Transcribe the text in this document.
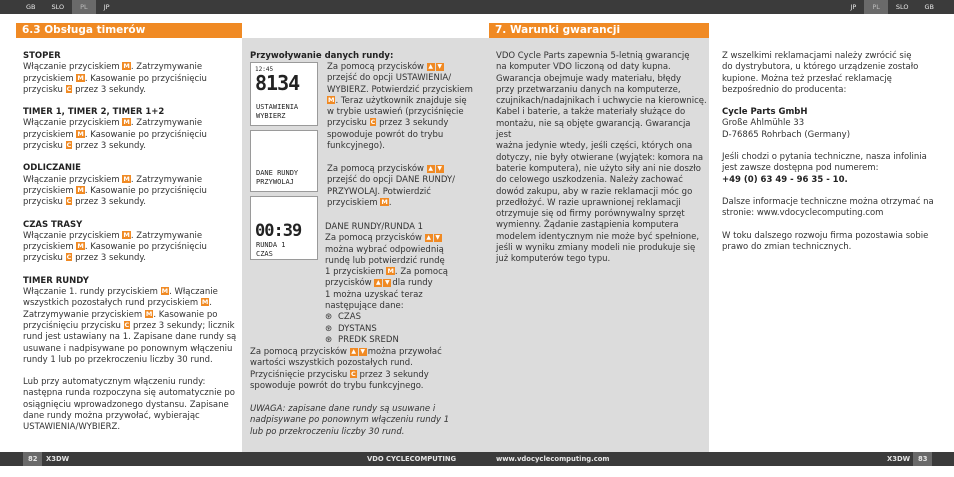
GB	SLO	PL	JP
6.3 Obsługa timerów

STOPER

Włączanie przyciskiem M. Zatrzymywanie

przyciskiem M. Kasowanie po przyciśnięciu

przycisku C przez 3 sekundy.

TIMER 1, TIMER 2, TIMER 1+2

Włączanie przyciskiem M. Zatrzymywanie

przyciskiem M. Kasowanie po przyciśnięciu

przycisku C przez 3 sekundy.

ODLICZANIE

Włączanie przyciskiem M. Zatrzymywanie

przyciskiem M. Kasowanie po przyciśnięciu

przycisku C przez 3 sekundy.

CZAS TRASY

Włączanie przyciskiem M. Zatrzymywanie

przyciskiem M. Kasowanie po przyciśnięciu

przycisku C przez 3 sekundy.

TIMER RUNDY

Włączanie 1. rundy przyciskiem M. Włączanie

wszystkich pozostałych rund przyciskiem M.

Zatrzymywanie przyciskiem M. Kasowanie po

przyciśnięciu przycisku C przez 3 sekundy; licznik

rund jest ustawiany na 1. Zapisane dane rundy są

usuwane i nadpisywane po ponownym włączeniu

rundy 1 lub po przekroczeniu liczby 30 rund.

Lub przy automatycznym włączeniu rundy:

następna runda rozpoczyna się automatycznie po

osiągnięciu wprowadzonego dystansu. Zapisane

dane rundy można przywołać, wybierając

USTAWIENIA/WYBIERZ.

12:45
8134
USTAWIENIA
WYBIERZ
DANE RUNDY
PRZYWOLAJ
00:39
RUNDA 1
CZAS

Przywoływanie danych rundy:

Za pomocą przycisków ▲ ▼

przejść do opcji USTAWIENIA/

WYBIERZ. Potwierdzić przyciskiem

M. Teraz użytkownik znajduje się

w trybie ustawień (przyciśnięcie

przycisku C przez 3 sekundy

spowoduje powrót do trybu

funkcyjnego).

Za pomocą przycisków ▲ ▼

przejść do opcji DANE RUNDY/

PRZYWOLAJ. Potwierdzić

przyciskiem M.

DANE RUNDY/RUNDA 1

Za pomocą przycisków ▲ ▼

można wybrać odpowiednią

rundę lub potwierdzić rundę

1 przyciskiem M. Za pomocą

przycisków ▲ ▼ dla rundy

1 można uzyskać teraz

następujące dane:

⊛ CZAS

⊛ DYSTANS

⊛ PREDK SREDN

Za pomocą przycisków ▲ ▼ można przywołać

wartości wszystkich pozostałych rund.

Przyciśnięcie przycisku C przez 3 sekundy

spowoduje powrót do trybu funkcyjnego.

UWAGA: zapisane dane rundy są usuwane i

nadpisywane po ponownym włączeniu rundy 1

lub po przekroczeniu liczby 30 rund.

82	X3DW	VDO CYCLECOMPUTING
JP	PL	SLO	GB
7. Warunki gwarancji

VDO Cycle Parts zapewnia 5-letnią gwarancję

na komputer VDO liczoną od daty kupna.

Gwarancja obejmuje wady materiału, błędy

przy przetwarzaniu danych na komputerze,

czujnikach/nadajnikach i uchwycie na kierownicę.

Kabel i baterie, a także materiały służące do

montażu, nie są objęte gwarancją. Gwarancja jest

ważna jedynie wtedy, jeśli części, których ona

dotyczy, nie były otwierane (wyjątek: komora na

baterie komputera), nie użyto siły ani nie doszło

do celowego uszkodzenia. Należy zachować

dowód zakupu, aby w razie reklamacji móc go

przedłożyć. W razie uprawnionej reklamacji

otrzymuje się od firmy porównywalny sprzęt

wymienny. Żądanie zastąpienia komputera

modelem identycznym nie może być spełnione,

jeśli w wyniku zmiany modeli nie produkuje się

już komputerów tego typu.

Z wszelkimi reklamacjami należy zwrócić się

do dystrybutora, u którego urządzenie zostało

kupione. Można też przesłać reklamację

bezpośrednio do producenta:

Cycle Parts GmbH

Große Ahlmühle 33

D-76865 Rohrbach (Germany)

Jeśli chodzi o pytania techniczne, nasza infolinia

jest zawsze dostępna pod numerem:

+49 (0) 63 49 - 96 35 - 10.

Dalsze informacje techniczne można otrzymać na

stronie: www.vdocyclecomputing.com

W toku dalszego rozwoju firma pozostawia sobie

prawo do zmian technicznych.

www.vdocyclecomputing.com	X3DW	83
